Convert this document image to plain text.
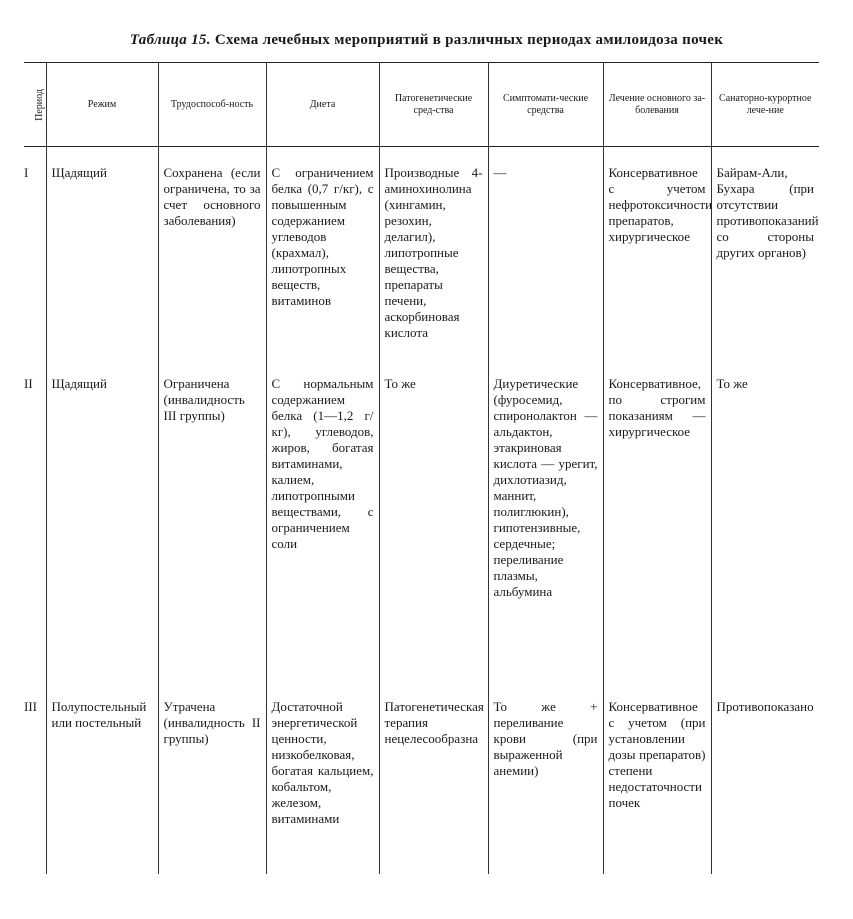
Таблица 15. Схема лечебных мероприятий в различных периодах амилоидоза почек
Период	Режим	Трудоспособ-ность	Диета	Патогенетические сред-ства	Симптомати-ческие средства	Лечение основного за-болевания	Санаторно-курортное лече-ние
I	Щадящий	Сохранена (если ограничена, то за счет основного заболевания)	С ограничением белка (0,7 г/кг), с повышенным содержанием углеводов (крахмал), липотропных веществ, витаминов	Производные 4-аминохинолина (хингамин, резохин, делагил), липотропные вещества, препараты печени, аскорбиновая кислота	—	Консервативное с учетом нефротоксичности препаратов, хирургическое	Байрам-Али, Бухара (при отсутствии противопоказаний со стороны других органов)
II	Щадящий	Ограничена (инвалидность III группы)	С нормальным содержанием белка (1—1,2 г/кг), углеводов, жиров, богатая витаминами, калием, липотропными веществами, с ограничением соли	То же	Диуретические (фуросемид, спиронолактон — альдактон, этакриновая кислота — урегит, дихлотиазид, маннит, полиглюкин), гипотензивные, сердечные; переливание плазмы, альбумина	Консервативное, по строгим показаниям — хирургическое	То же
III	Полупостельный или постельный	Утрачена (инвалидность II группы)	Достаточной энергетической ценности, низкобелковая, богатая кальцием, кобальтом, железом, витаминами	Патогенетическая терапия нецелесообразна	То же + переливание крови (при выраженной анемии)	Консервативное с учетом (при установлении дозы препаратов) степени недостаточности почек	Противопоказано
